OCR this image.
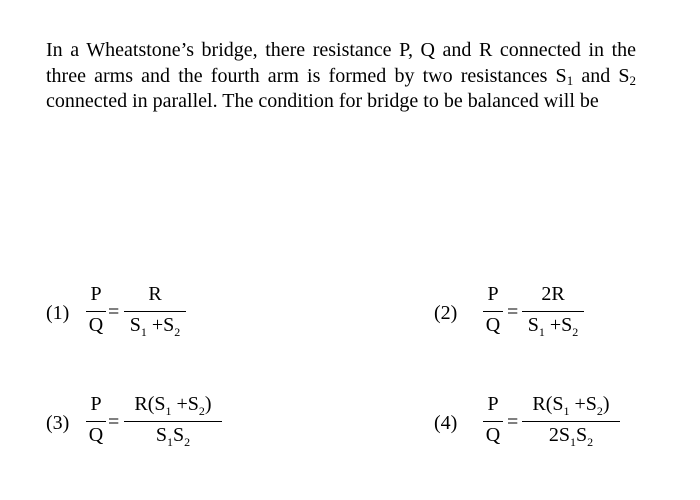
In a Wheatstone’s bridge, there resistance P, Q and R connected in the three arms and the fourth arm is formed by two resistances $S_1$ and $S_2$ connected in parallel. The condition for bridge to be balanced will be
(1)
P
Q
=
R
$S_1 +S_2$
(2)
P
Q
=
2R
$S_1 +S_2$
(3)
P
Q
=
$R(S_1 +S_2)$
$S_1S_2$
(4)
P
Q
=
$R(S_1 +S_2)$
$2S_1S_2$
